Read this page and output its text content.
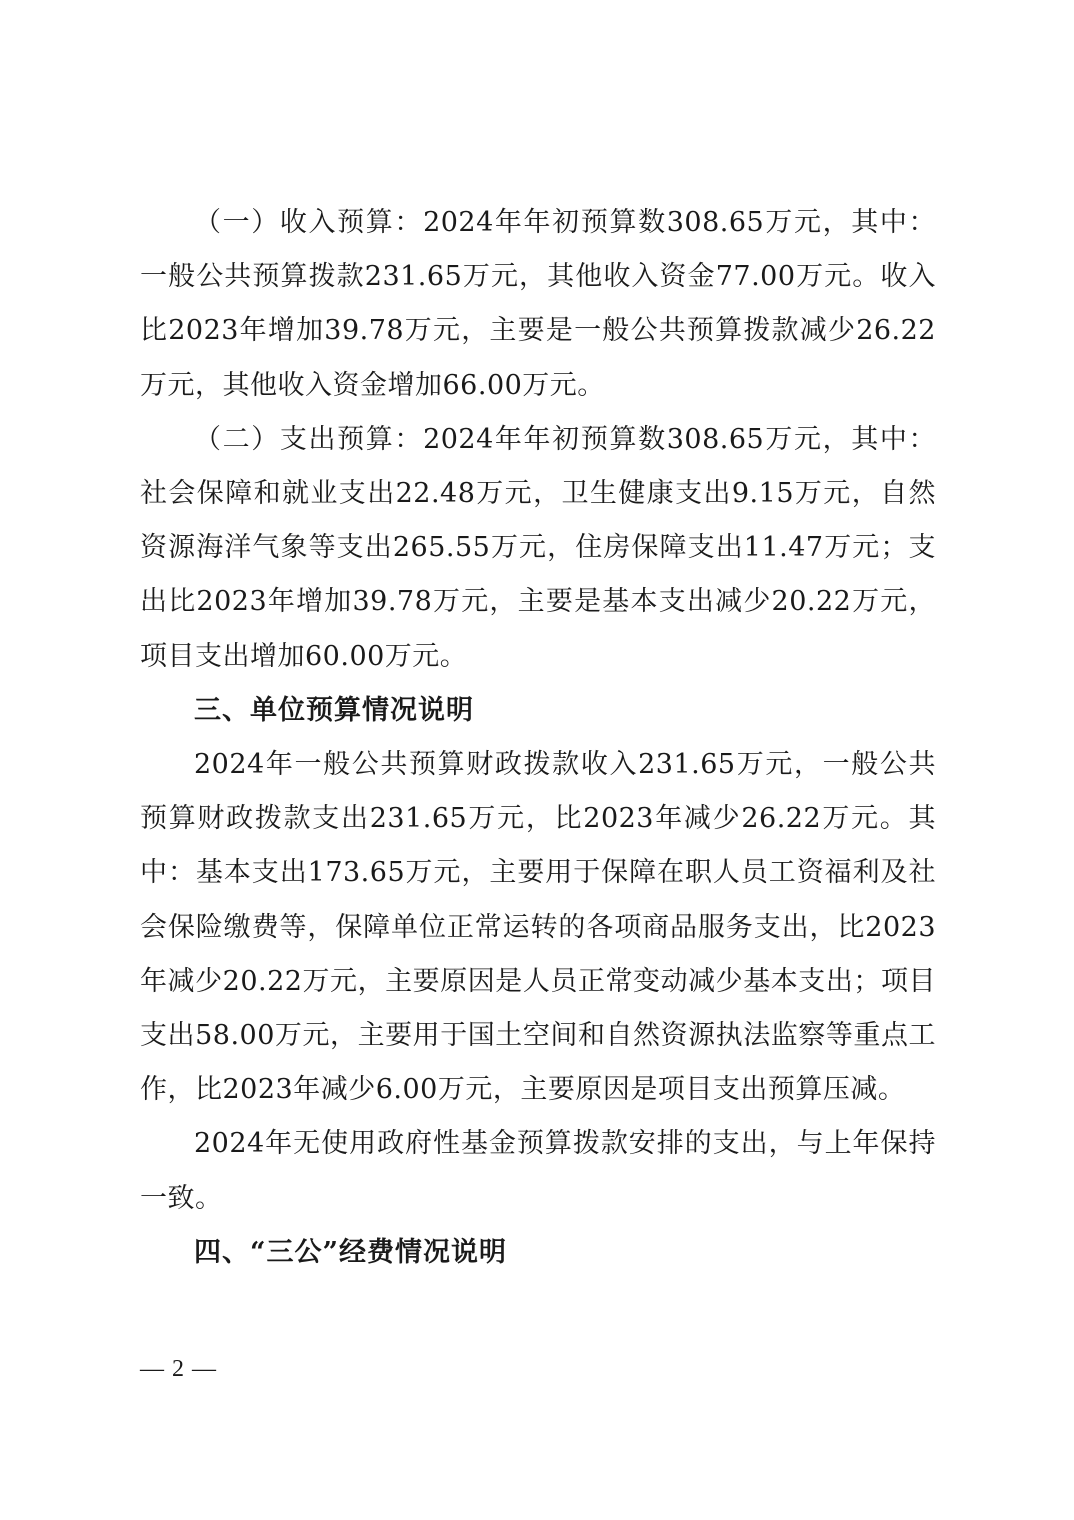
（一）收入预算：2024年年初预算数308.65万元，其中：一般公共预算拨款231.65万元，其他收入资金77.00万元。收入比2023年增加39.78万元，主要是一般公共预算拨款减少26.22万元，其他收入资金增加66.00万元。

（二）支出预算：2024年年初预算数308.65万元，其中：社会保障和就业支出22.48万元，卫生健康支出9.15万元，自然资源海洋气象等支出265.55万元，住房保障支出11.47万元；支出比2023年增加39.78万元，主要是基本支出减少20.22万元，项目支出增加60.00万元。

三、单位预算情况说明

2024年一般公共预算财政拨款收入231.65万元，一般公共预算财政拨款支出231.65万元，比2023年减少26.22万元。其中：基本支出173.65万元，主要用于保障在职人员工资福利及社会保险缴费等，保障单位正常运转的各项商品服务支出，比2023年减少20.22万元，主要原因是人员正常变动减少基本支出；项目支出58.00万元，主要用于国土空间和自然资源执法监察等重点工作，比2023年减少6.00万元，主要原因是项目支出预算压减。

2024年无使用政府性基金预算拨款安排的支出，与上年保持一致。

四、“三公”经费情况说明

— 2 —
